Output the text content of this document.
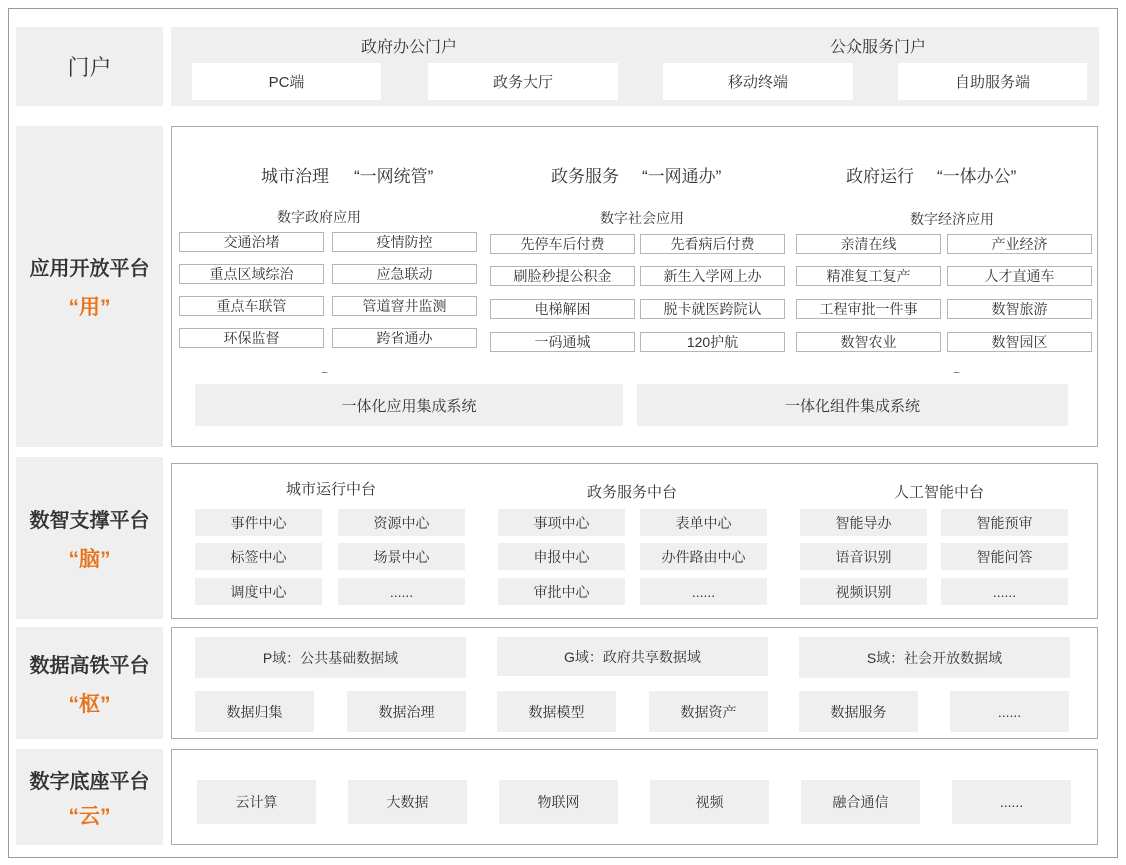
门户
政府办公门户	公众服务门户
PC端	政务大厅	移动终端	自助服务端
应用开放平台
“用”
城市治理 “一网统管”	政务服务 “一网通办”	政府运行 “一体办公”
数字政府应用	数字社会应用	数字经济应用
交通治堵	疫情防控
重点区域综治	应急联动
重点车联管	管道窨井监测
环保监督	跨省通办
先停车后付费	先看病后付费
刷脸秒提公积金	新生入学网上办
电梯解困	脱卡就医跨院认
一码通城	120护航
亲清在线	产业经济
精准复工复产	人才直通车
工程审批一件事	数智旅游
数智农业	数智园区
.....	.....
一体化应用集成系统	一体化组件集成系统
数智支撑平台
“脑”
城市运行中台	政务服务中台	人工智能中台
事件中心	资源中心
标签中心	场景中心
调度中心	......
事项中心	表单中心
申报中心	办件路由中心
审批中心	......
智能导办	智能预审
语音识别	智能问答
视频识别	......
数据高铁平台
“枢”
P域：公共基础数据域	G域：政府共享数据域	S域：社会开放数据域
数据归集	数据治理	数据模型	数据资产	数据服务	......
数字底座平台
“云”
云计算	大数据	物联网	视频	融合通信	......
